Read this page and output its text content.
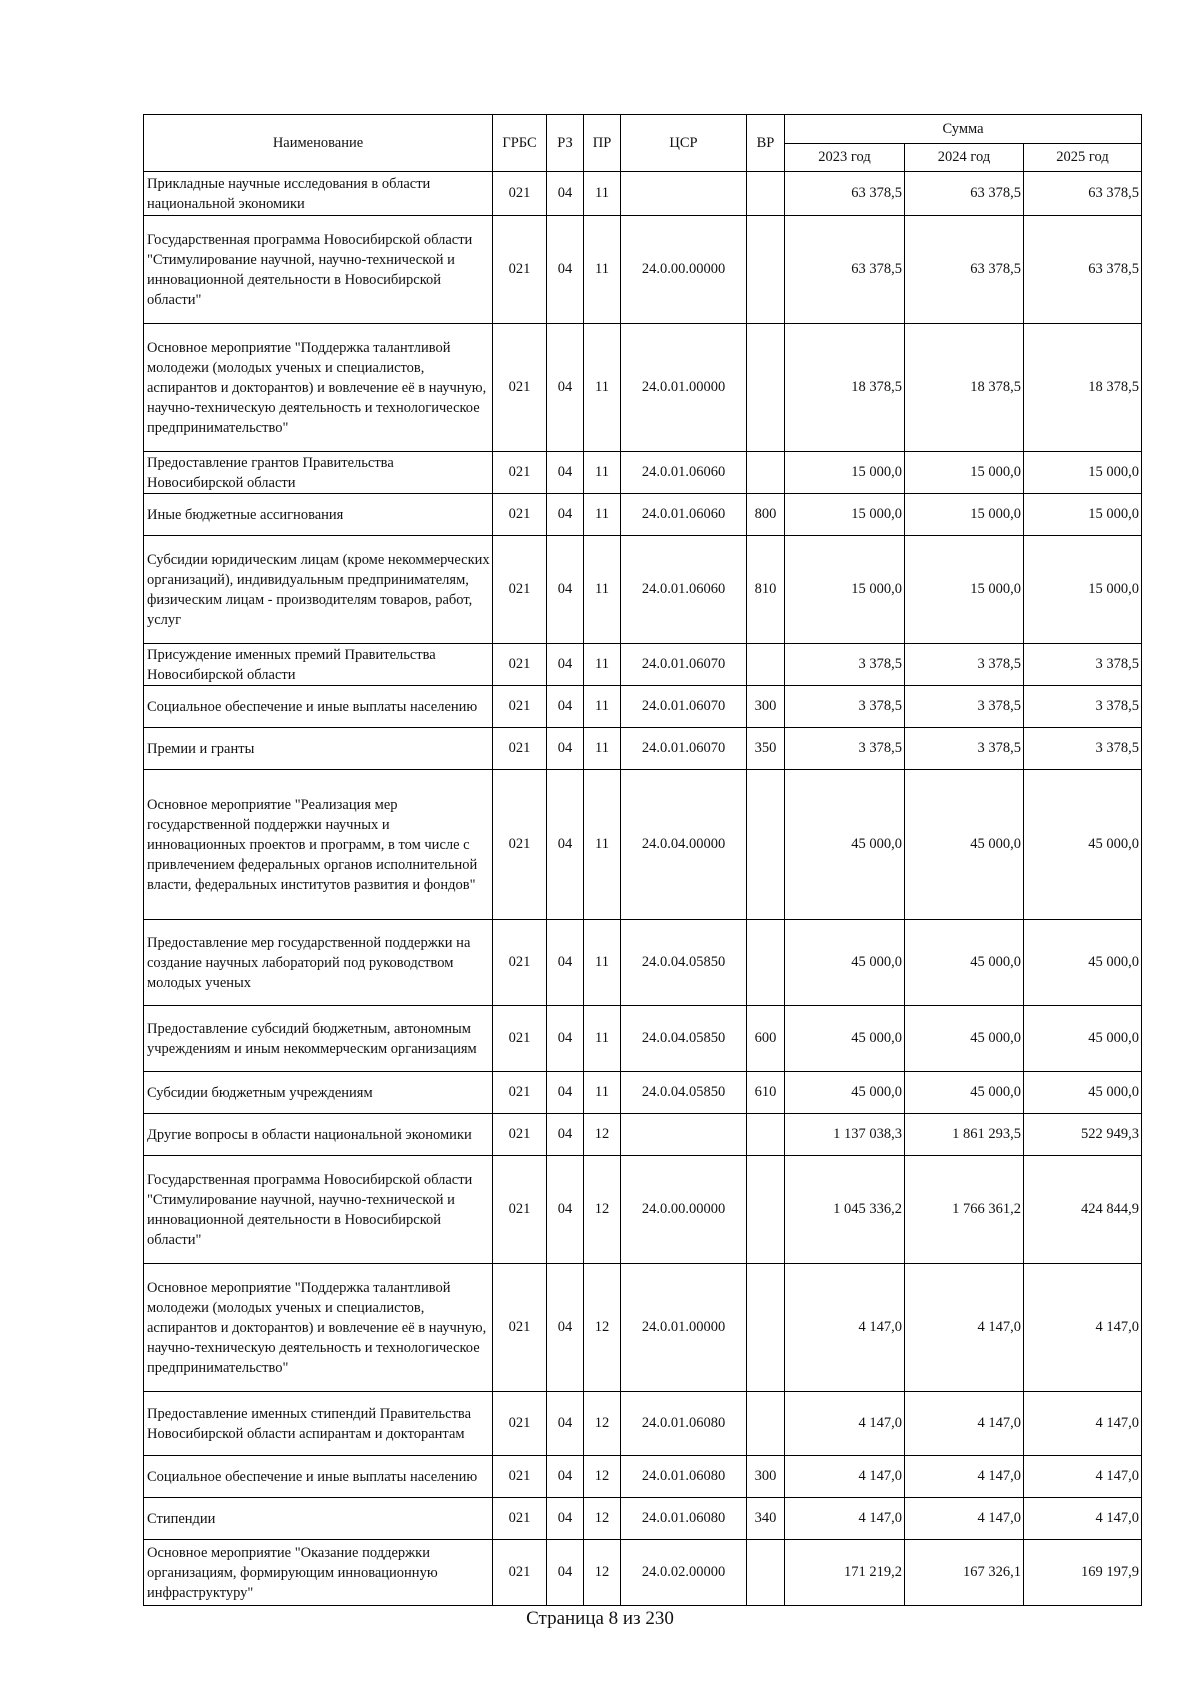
Наименование	ГРБС	РЗ	ПР	ЦСР	ВР	Сумма		
						2023 год	2024 год	2025 год
Прикладные научные исследования в области национальной экономики	021	04	11			63 378,5	63 378,5	63 378,5
Государственная программа Новосибирской области "Стимулирование научной, научно-технической и инновационной деятельности в Новосибирской области"	021	04	11	24.0.00.00000		63 378,5	63 378,5	63 378,5
Основное мероприятие "Поддержка талантливой молодежи (молодых ученых и специалистов, аспирантов и докторантов) и вовлечение её в научную, научно-техническую деятельность и технологическое предпринимательство"	021	04	11	24.0.01.00000		18 378,5	18 378,5	18 378,5
Предоставление грантов Правительства Новосибирской области	021	04	11	24.0.01.06060		15 000,0	15 000,0	15 000,0
Иные бюджетные ассигнования	021	04	11	24.0.01.06060	800	15 000,0	15 000,0	15 000,0
Субсидии юридическим лицам (кроме некоммерческих организаций), индивидуальным предпринимателям, физическим лицам - производителям товаров, работ, услуг	021	04	11	24.0.01.06060	810	15 000,0	15 000,0	15 000,0
Присуждение именных премий Правительства Новосибирской области	021	04	11	24.0.01.06070		3 378,5	3 378,5	3 378,5
Социальное обеспечение и иные выплаты населению	021	04	11	24.0.01.06070	300	3 378,5	3 378,5	3 378,5
Премии и гранты	021	04	11	24.0.01.06070	350	3 378,5	3 378,5	3 378,5
Основное мероприятие "Реализация мер государственной поддержки научных и инновационных проектов и программ, в том числе с привлечением федеральных органов исполнительной власти, федеральных институтов развития и фондов"	021	04	11	24.0.04.00000		45 000,0	45 000,0	45 000,0
Предоставление мер государственной поддержки на создание научных лабораторий под руководством молодых ученых	021	04	11	24.0.04.05850		45 000,0	45 000,0	45 000,0
Предоставление субсидий бюджетным, автономным учреждениям и иным некоммерческим организациям	021	04	11	24.0.04.05850	600	45 000,0	45 000,0	45 000,0
Субсидии бюджетным учреждениям	021	04	11	24.0.04.05850	610	45 000,0	45 000,0	45 000,0
Другие вопросы в области национальной экономики	021	04	12			1 137 038,3	1 861 293,5	522 949,3
Государственная программа Новосибирской области "Стимулирование научной, научно-технической и инновационной деятельности в Новосибирской области"	021	04	12	24.0.00.00000		1 045 336,2	1 766 361,2	424 844,9
Основное мероприятие "Поддержка талантливой молодежи (молодых ученых и специалистов, аспирантов и докторантов) и вовлечение её в научную, научно-техническую деятельность и технологическое предпринимательство"	021	04	12	24.0.01.00000		4 147,0	4 147,0	4 147,0
Предоставление именных стипендий Правительства Новосибирской области аспирантам и докторантам	021	04	12	24.0.01.06080		4 147,0	4 147,0	4 147,0
Социальное обеспечение и иные выплаты населению	021	04	12	24.0.01.06080	300	4 147,0	4 147,0	4 147,0
Стипендии	021	04	12	24.0.01.06080	340	4 147,0	4 147,0	4 147,0
Основное мероприятие "Оказание поддержки организациям, формирующим инновационную инфраструктуру"	021	04	12	24.0.02.00000		171 219,2	167 326,1	169 197,9
Страница 8 из 230
